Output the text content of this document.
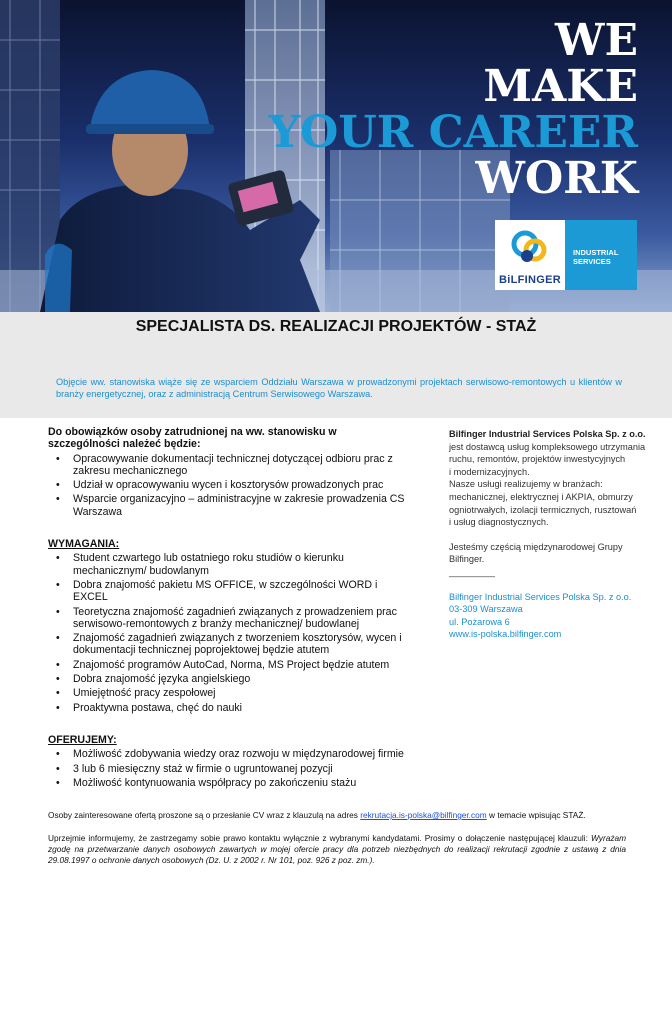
WE
MAKE
YOUR CAREER
WORK
BiLFINGER
INDUSTRIAL
SERVICES
SPECJALISTA DS. REALIZACJI PROJEKTÓW - STAŻ
Objęcie ww. stanowiska wiąże się ze wsparciem Oddziału Warszawa w prowadzonymi projektach serwisowo-remontowych u klientów w branży energetycznej, oraz z administracją Centrum Serwisowego Warszawa.
Do obowiązków osoby zatrudnionej na ww. stanowisku w szczególności należeć będzie:
• Opracowywanie dokumentacji technicznej dotyczącej odbioru prac z zakresu mechanicznego
• Udział w opracowywaniu wycen i kosztorysów prowadzonych prac
• Wsparcie organizacyjno – administracyjne w zakresie prowadzenia CS Warszawa
WYMAGANIA:
• Student czwartego lub ostatniego roku studiów o kierunku mechanicznym/ budowlanym
• Dobra znajomość pakietu MS OFFICE, w szczególności WORD i EXCEL
• Teoretyczna znajomość zagadnień związanych z prowadzeniem prac serwisowo-remontowych z branży mechanicznej/ budowlanej
• Znajomość zagadnień związanych z tworzeniem kosztorysów, wycen i dokumentacji technicznej poprojektowej będzie atutem
• Znajomość programów AutoCad, Norma, MS Project będzie atutem
• Dobra znajomość języka angielskiego
• Umiejętność pracy zespołowej
• Proaktywna postawa, chęć do nauki
OFERUJEMY:
• Możliwość zdobywania wiedzy oraz rozwoju w międzynarodowej firmie
• 3 lub 6 miesięczny staż w firmie o ugruntowanej pozycji
• Możliwość kontynuowania współpracy po zakończeniu stażu
Bilfinger Industrial Services Polska Sp. z o.o.
jest dostawcą usług kompleksowego utrzymania
ruchu, remontów, projektów inwestycyjnych
i modernizacyjnych.
Nasze usługi realizujemy w branżach:
mechanicznej, elektrycznej i AKPIA, obmurzy
ogniotrwałych, izolacji termicznych, rusztowań
i usług diagnostycznych.
Jesteśmy częścią międzynarodowej Grupy
Bilfinger.
_________
Bilfinger Industrial Services Polska Sp. z o.o.
03-309 Warszawa
ul. Pożarowa 6
www.is-polska.bilfinger.com
Osoby zainteresowane ofertą proszone są o przesłanie CV wraz z klauzulą na adres rekrutacja.is-polska@bilfinger.com w temacie wpisując STAŻ.
Uprzejmie informujemy, że zastrzegamy sobie prawo kontaktu wyłącznie z wybranymi kandydatami. Prosimy o dołączenie następującej klauzuli: Wyrażam zgodę na przetwarzanie danych osobowych zawartych w mojej ofercie pracy dla potrzeb niezbędnych do realizacji rekrutacji zgodnie z ustawą z dnia 29.08.1997 o ochronie danych osobowych (Dz. U. z 2002 r. Nr 101, poz. 926 z poz. zm.).
